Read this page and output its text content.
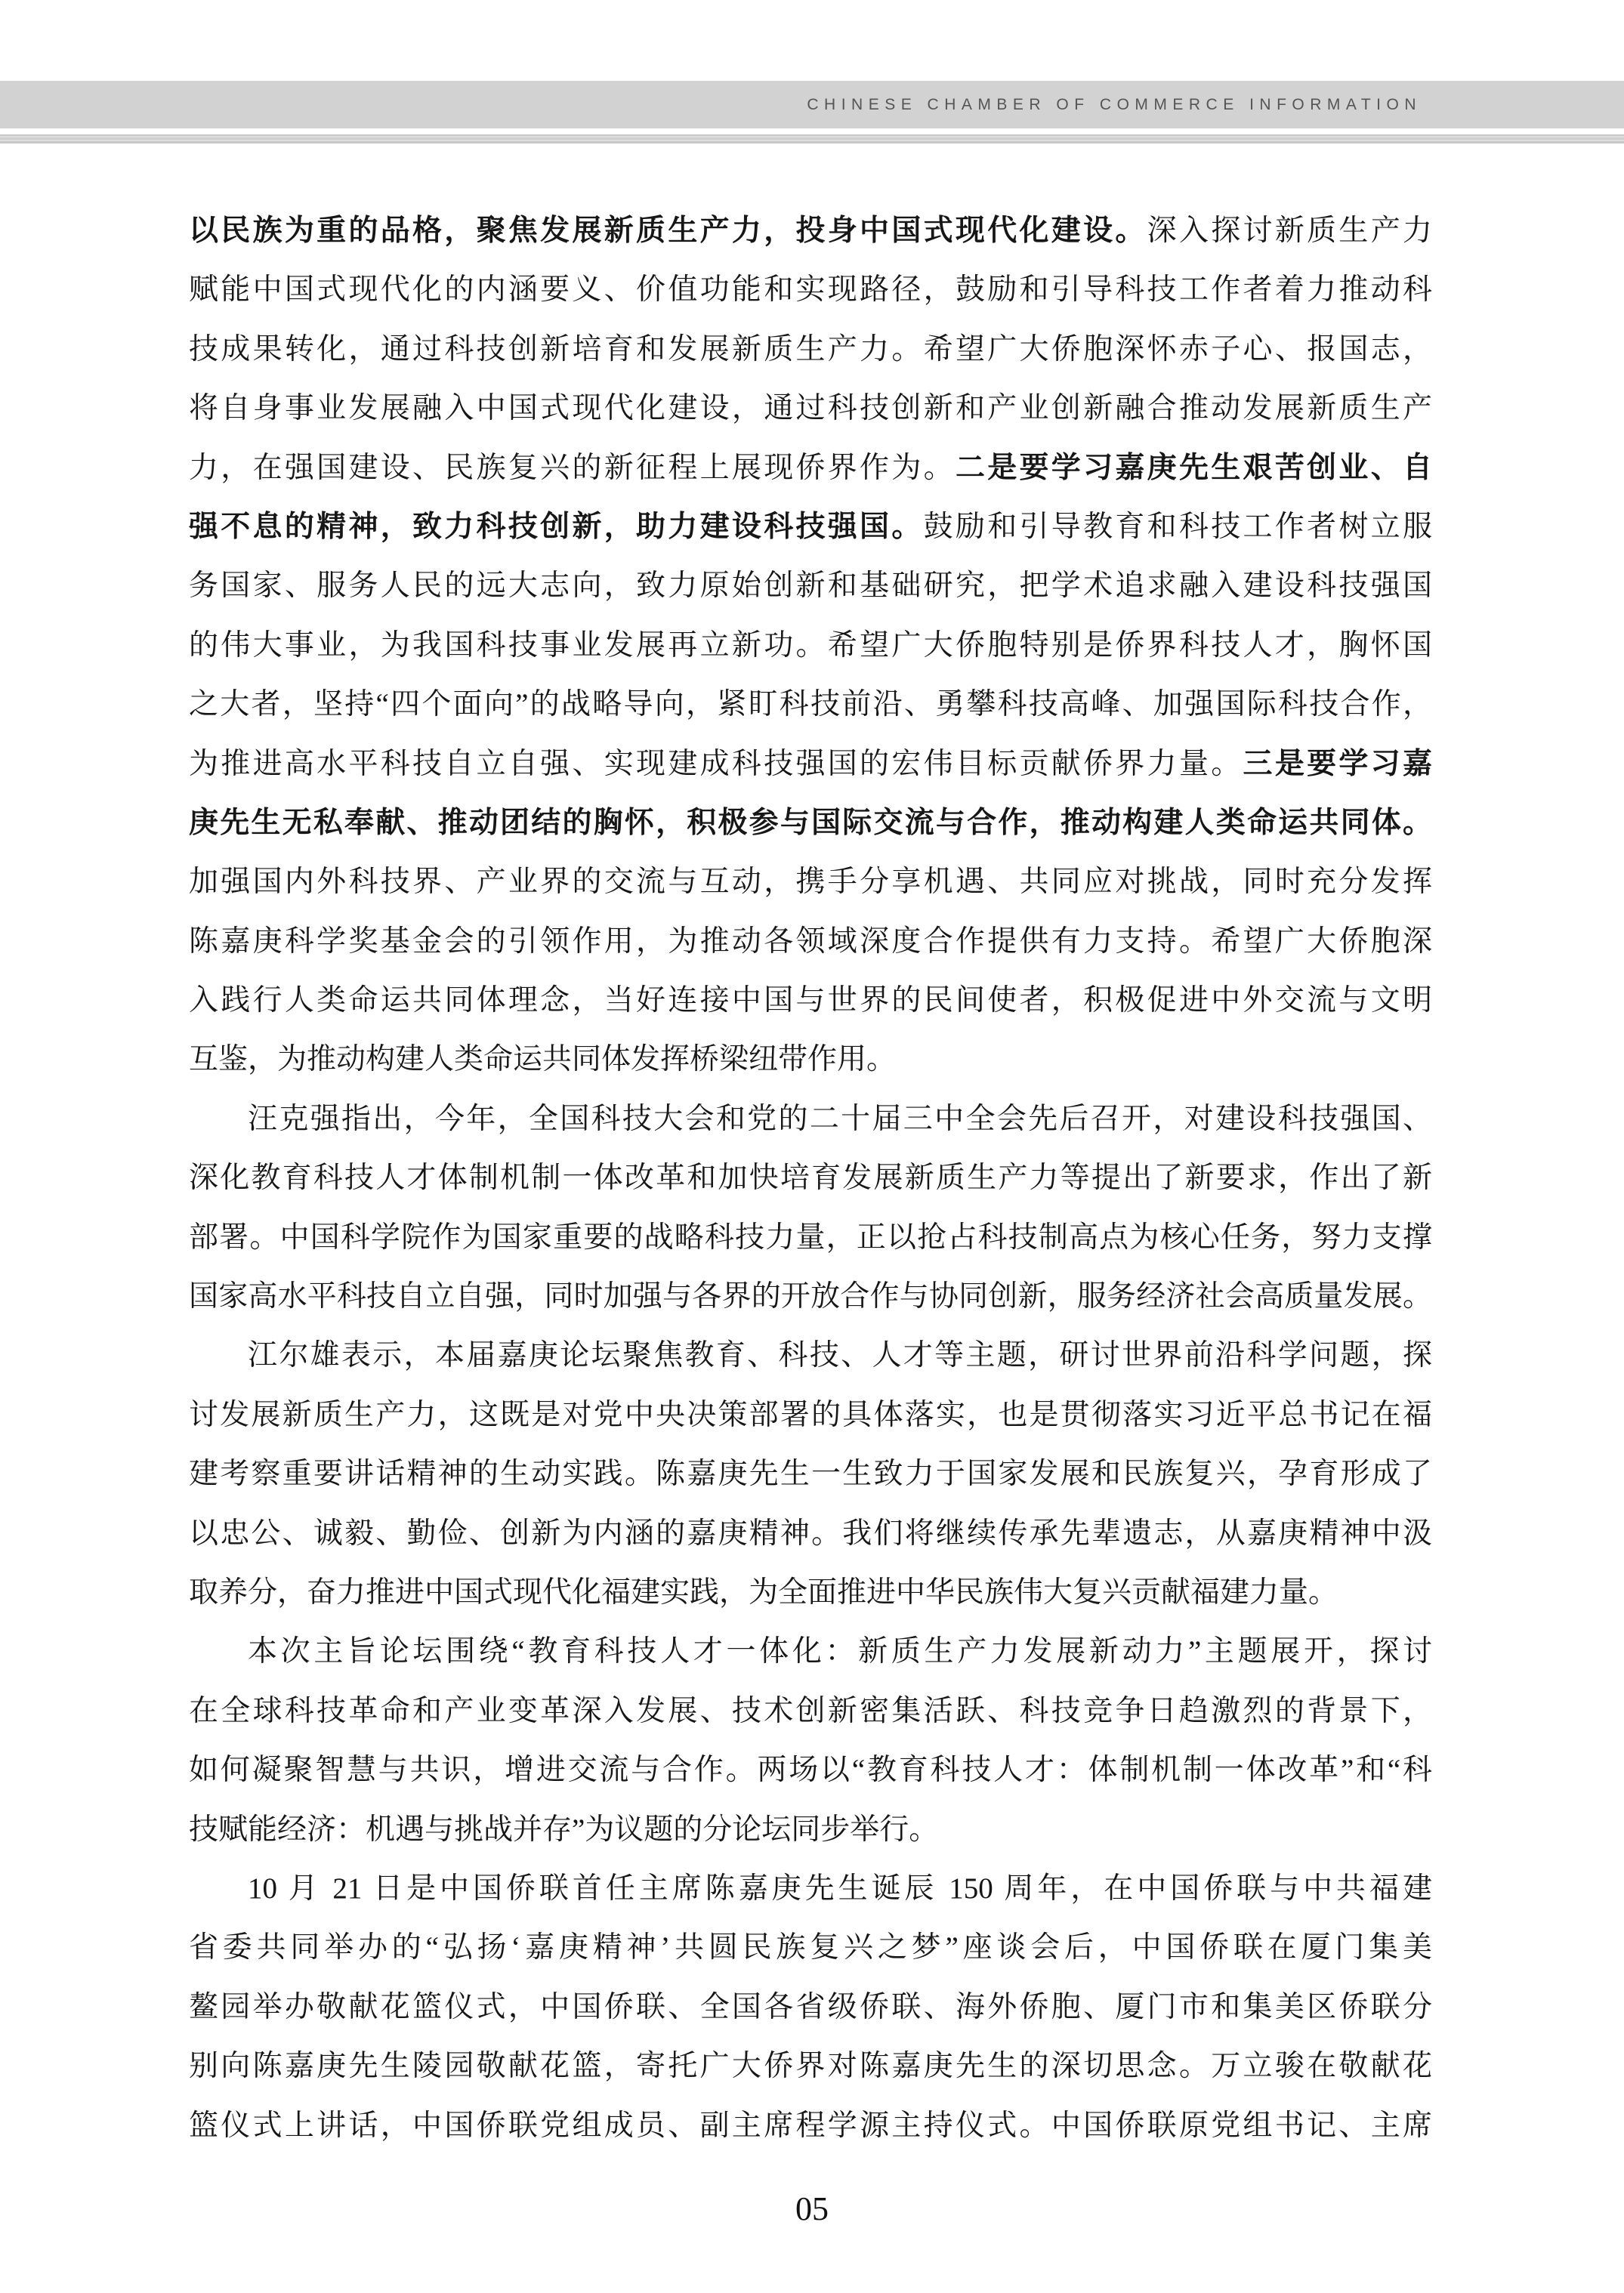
CHINESE CHAMBER OF COMMERCE INFORMATION
以民族为重的品格，聚焦发展新质生产力，投身中国式现代化建设。深入探讨新质生产力
赋能中国式现代化的内涵要义、价值功能和实现路径，鼓励和引导科技工作者着力推动科
技成果转化，通过科技创新培育和发展新质生产力。希望广大侨胞深怀赤子心、报国志，
将自身事业发展融入中国式现代化建设，通过科技创新和产业创新融合推动发展新质生产
力，在强国建设、民族复兴的新征程上展现侨界作为。二是要学习嘉庚先生艰苦创业、自
强不息的精神，致力科技创新，助力建设科技强国。鼓励和引导教育和科技工作者树立服
务国家、服务人民的远大志向，致力原始创新和基础研究，把学术追求融入建设科技强国
的伟大事业，为我国科技事业发展再立新功。希望广大侨胞特别是侨界科技人才，胸怀国
之大者，坚持“四个面向”的战略导向，紧盯科技前沿、勇攀科技高峰、加强国际科技合作，
为推进高水平科技自立自强、实现建成科技强国的宏伟目标贡献侨界力量。三是要学习嘉
庚先生无私奉献、推动团结的胸怀，积极参与国际交流与合作，推动构建人类命运共同体。
加强国内外科技界、产业界的交流与互动，携手分享机遇、共同应对挑战，同时充分发挥
陈嘉庚科学奖基金会的引领作用，为推动各领域深度合作提供有力支持。希望广大侨胞深
入践行人类命运共同体理念，当好连接中国与世界的民间使者，积极促进中外交流与文明
互鉴，为推动构建人类命运共同体发挥桥梁纽带作用。
汪克强指出，今年，全国科技大会和党的二十届三中全会先后召开，对建设科技强国、
深化教育科技人才体制机制一体改革和加快培育发展新质生产力等提出了新要求，作出了新
部署。中国科学院作为国家重要的战略科技力量，正以抢占科技制高点为核心任务，努力支撑
国家高水平科技自立自强，同时加强与各界的开放合作与协同创新，服务经济社会高质量发展。
江尔雄表示，本届嘉庚论坛聚焦教育、科技、人才等主题，研讨世界前沿科学问题，探
讨发展新质生产力，这既是对党中央决策部署的具体落实，也是贯彻落实习近平总书记在福
建考察重要讲话精神的生动实践。陈嘉庚先生一生致力于国家发展和民族复兴，孕育形成了
以忠公、诚毅、勤俭、创新为内涵的嘉庚精神。我们将继续传承先辈遗志，从嘉庚精神中汲
取养分，奋力推进中国式现代化福建实践，为全面推进中华民族伟大复兴贡献福建力量。
本次主旨论坛围绕“教育科技人才一体化：新质生产力发展新动力”主题展开，探讨
在全球科技革命和产业变革深入发展、技术创新密集活跃、科技竞争日趋激烈的背景下，
如何凝聚智慧与共识，增进交流与合作。两场以“教育科技人才：体制机制一体改革”和“科
技赋能经济：机遇与挑战并存”为议题的分论坛同步举行。
10 月 21 日是中国侨联首任主席陈嘉庚先生诞辰 150 周年，在中国侨联与中共福建
省委共同举办的“弘扬‘嘉庚精神’共圆民族复兴之梦”座谈会后，中国侨联在厦门集美
鳌园举办敬献花篮仪式，中国侨联、全国各省级侨联、海外侨胞、厦门市和集美区侨联分
别向陈嘉庚先生陵园敬献花篮，寄托广大侨界对陈嘉庚先生的深切思念。万立骏在敬献花
篮仪式上讲话，中国侨联党组成员、副主席程学源主持仪式。中国侨联原党组书记、主席
05
